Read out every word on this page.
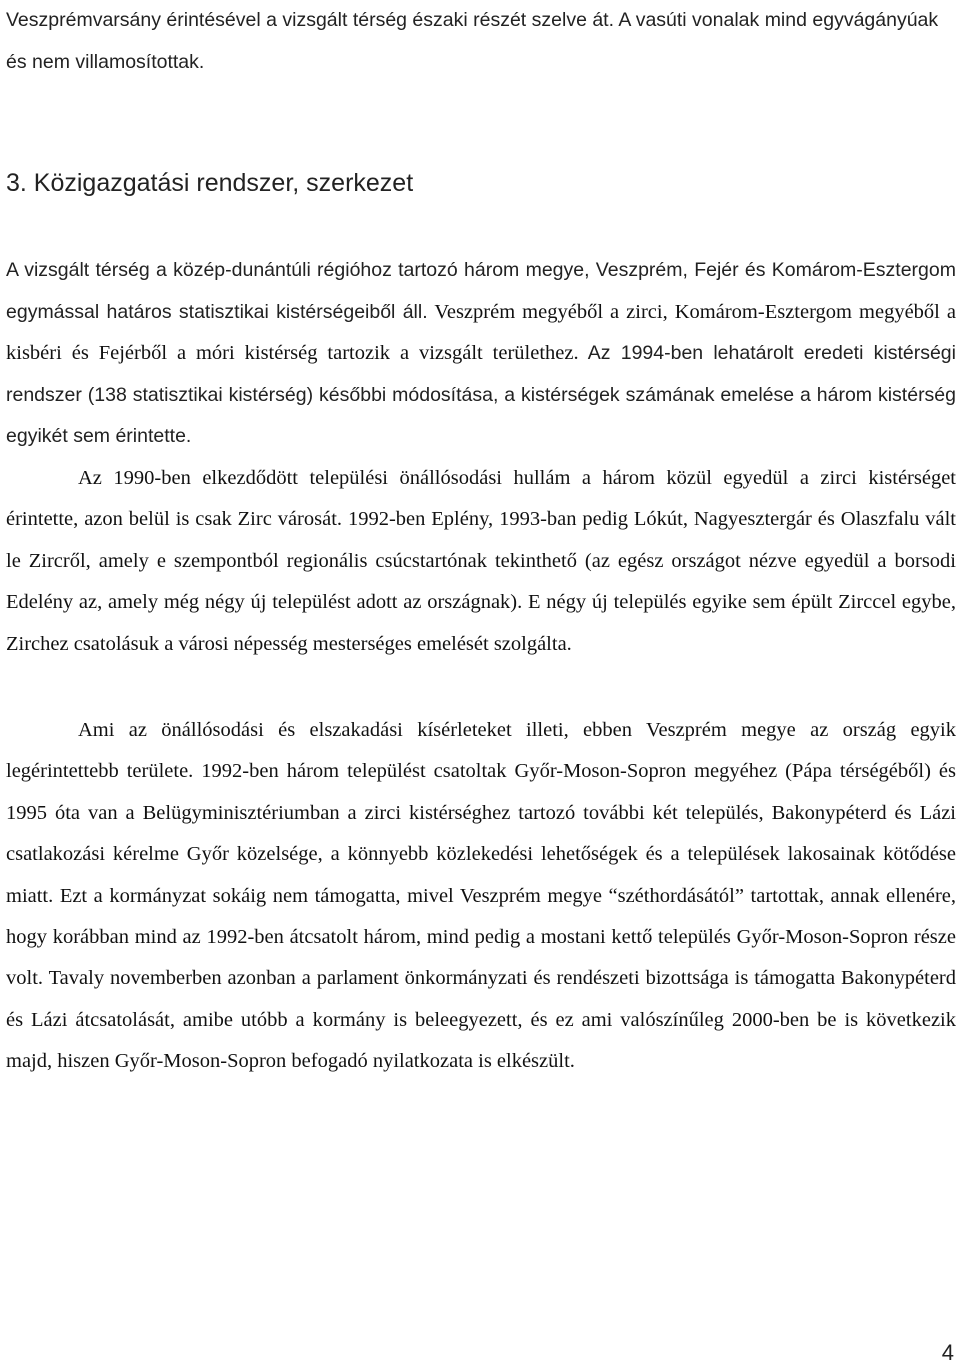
Veszprémvarsány érintésével a vizsgált térség északi részét szelve át. A vasúti vonalak mind egyvágányúak és nem villamosítottak.
3. Közigazgatási rendszer, szerkezet
A vizsgált térség a közép-dunántúli régióhoz tartozó három megye, Veszprém, Fejér és Komárom-Esztergom egymással határos statisztikai kistérségeiből áll. Veszprém megyéből a zirci, Komárom-Esztergom megyéből a kisbéri és Fejérből a móri kistérség tartozik a vizsgált területhez. Az 1994-ben lehatárolt eredeti kistérségi rendszer (138 statisztikai kistérség) későbbi módosítása, a kistérségek számának emelése a három kistérség egyikét sem érintette.
Az 1990-ben elkezdődött települési önállósodási hullám a három közül egyedül a zirci kistérséget érintette, azon belül is csak Zirc városát. 1992-ben Eplény, 1993-ban pedig Lókút, Nagyesztergár és Olaszfalu vált le Zircről, amely e szempontból regionális csúcstartónak tekinthető (az egész országot nézve egyedül a borsodi Edelény az, amely még négy új települést adott az országnak). E négy új település egyike sem épült Zirccel egybe, Zirchez csatolásuk a városi népesség mesterséges emelését szolgálta.
Ami az önállósodási és elszakadási kísérleteket illeti, ebben Veszprém megye az ország egyik legérintettebb területe. 1992-ben három települést csatoltak Győr-Moson-Sopron megyéhez (Pápa térségéből) és 1995 óta van a Belügyminisztériumban a zirci kistérséghez tartozó további két település, Bakonypéterd és Lázi csatlakozási kérelme Győr közelsége, a könnyebb közlekedési lehetőségek és a települések lakosainak kötődése miatt. Ezt a kormányzat sokáig nem támogatta, mivel Veszprém megye “széthordásától” tartottak, annak ellenére, hogy korábban mind az 1992-ben átcsatolt három, mind pedig a mostani kettő település Győr-Moson-Sopron része volt. Tavaly novemberben azonban a parlament önkormányzati és rendészeti bizottsága is támogatta Bakonypéterd és Lázi átcsatolását, amibe utóbb a kormány is beleegyezett, és ez ami valószínűleg 2000-ben be is következik majd, hiszen Győr-Moson-Sopron befogadó nyilatkozata is elkészült.
4
